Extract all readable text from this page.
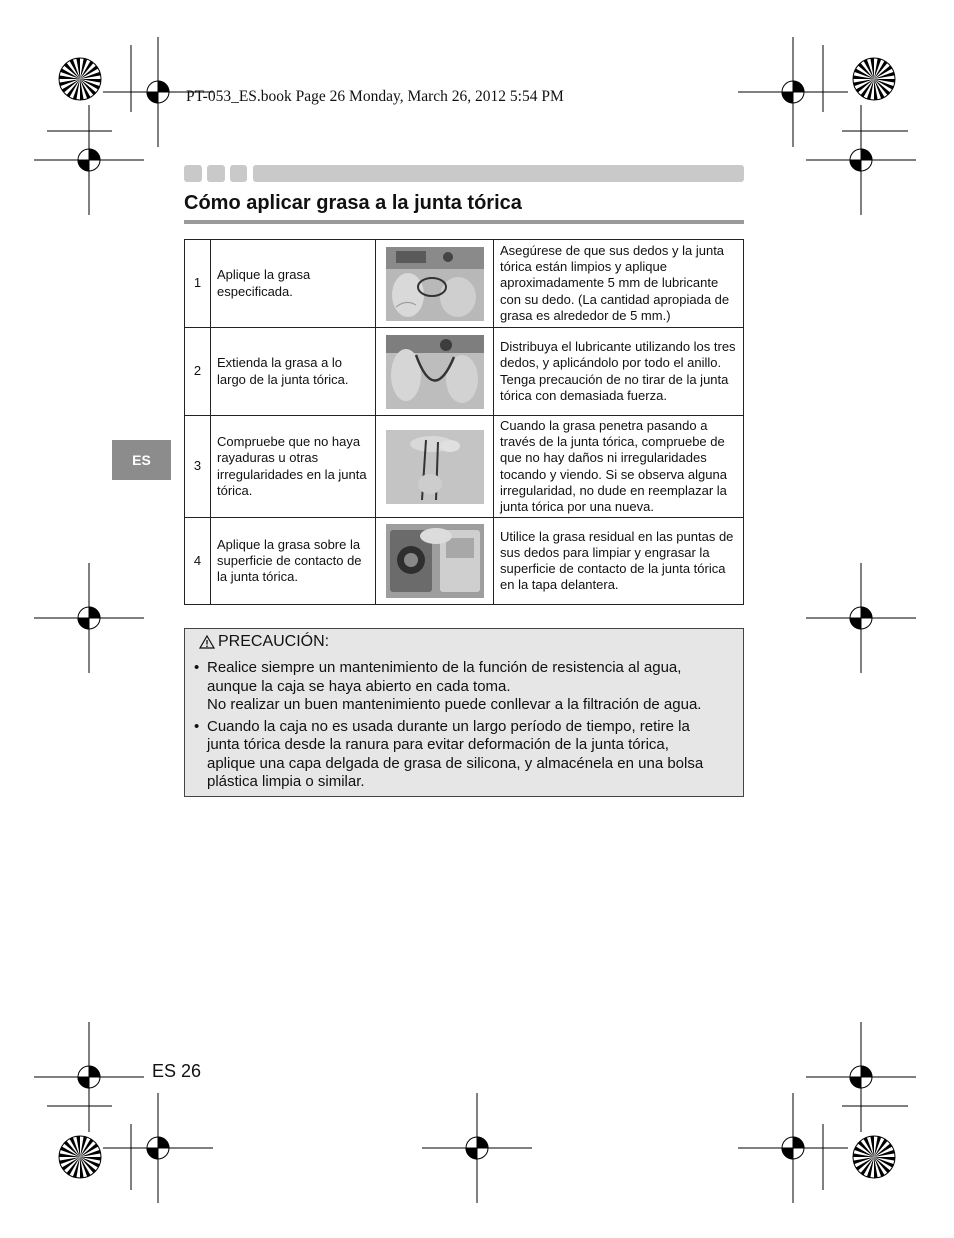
PT-053_ES.book Page 26 Monday, March 26, 2012 5:54 PM
Cómo aplicar grasa a la junta tórica
1	Aplique la grasa especificada.		Asegúrese de que sus dedos y la junta tórica están limpios y aplique aproximadamente 5 mm de lubricante con su dedo. (La cantidad apropiada de grasa es alrededor de 5 mm.)
2	Extienda la grasa a lo largo de la junta tórica.		Distribuya el lubricante utilizando los tres dedos, y aplicándolo por todo el anillo. Tenga precaución de no tirar de la junta tórica con demasiada fuerza.
3	Compruebe que no haya rayaduras u otras irregularidades en la junta tórica.		Cuando la grasa penetra pasando a través de la junta tórica, compruebe de que no hay daños ni irregularidades tocando y viendo. Si se observa alguna irregularidad, no dude en reemplazar la junta tórica por una nueva.
4	Aplique la grasa sobre la superficie de contacto de la junta tórica.		Utilice la grasa residual en las puntas de sus dedos para limpiar y engrasar la superficie de contacto de la junta tórica en la tapa delantera.
ES
PRECAUCIÓN:
• Realice siempre un mantenimiento de la función de resistencia al agua,
aunque la caja se haya abierto en cada toma.
No realizar un buen mantenimiento puede conllevar a la filtración de agua.
• Cuando la caja no es usada durante un largo período de tiempo, retire la
junta tórica desde la ranura para evitar deformación de la junta tórica,
aplique una capa delgada de grasa de silicona, y almacénela en una bolsa
plástica limpia o similar.
ES 26
